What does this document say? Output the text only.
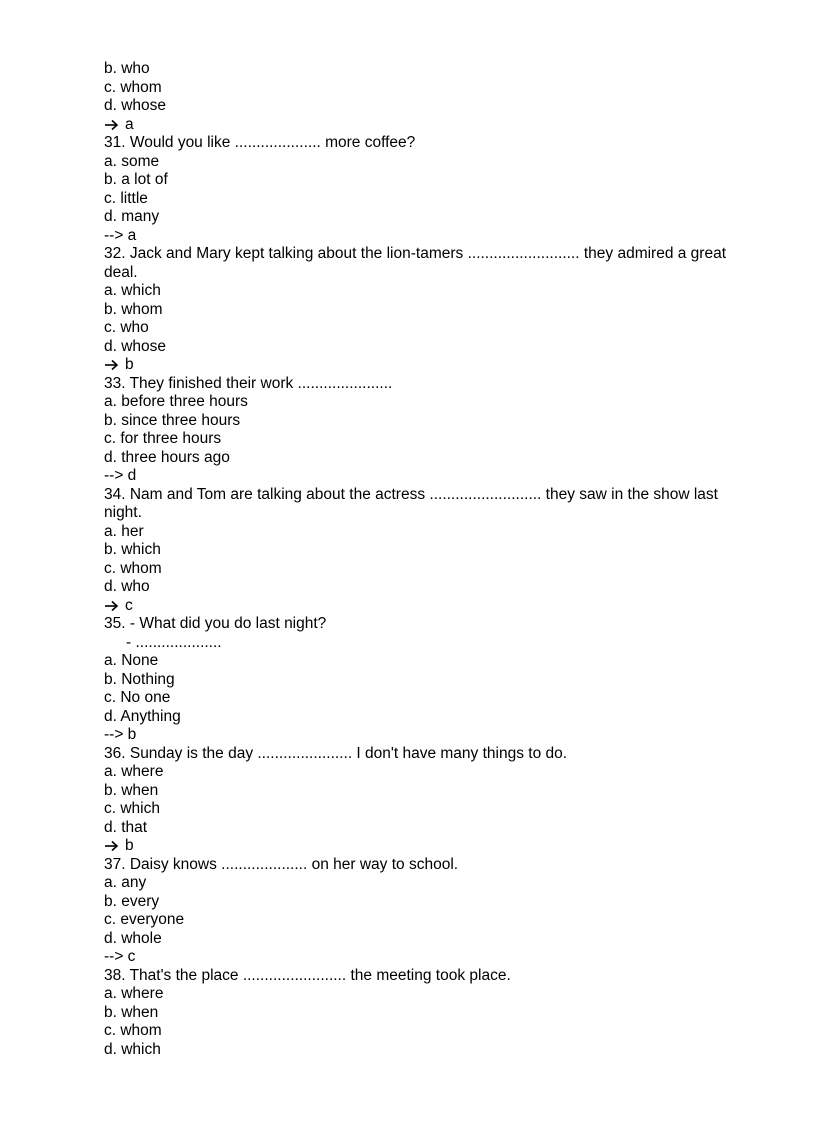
b. who
c. whom
d. whose
a
31. Would you like .................... more coffee?
a. some
b. a lot of
c. little
d. many
--> a
32. Jack and Mary kept talking about the lion-tamers .......................... they admired a great deal.
a. which
b. whom
c. who
d. whose
b
33. They finished their work ......................
a. before three hours
b. since three hours
c. for three hours
d. three hours ago
--> d
34. Nam and Tom are talking about the actress .......................... they saw in the show last night.
a. her
b. which
c. whom
d. who
c
35. - What did you do last night?
- ....................
a. None
b. Nothing
c. No one
d. Anything
--> b
36. Sunday is the day ...................... I don't have many things to do.
a. where
b. when
c. which
d. that
b
37. Daisy knows .................... on her way to school.
a. any
b. every
c. everyone
d. whole
--> c
38. That's the place ........................ the meeting took place.
a. where
b. when
c. whom
d. which
